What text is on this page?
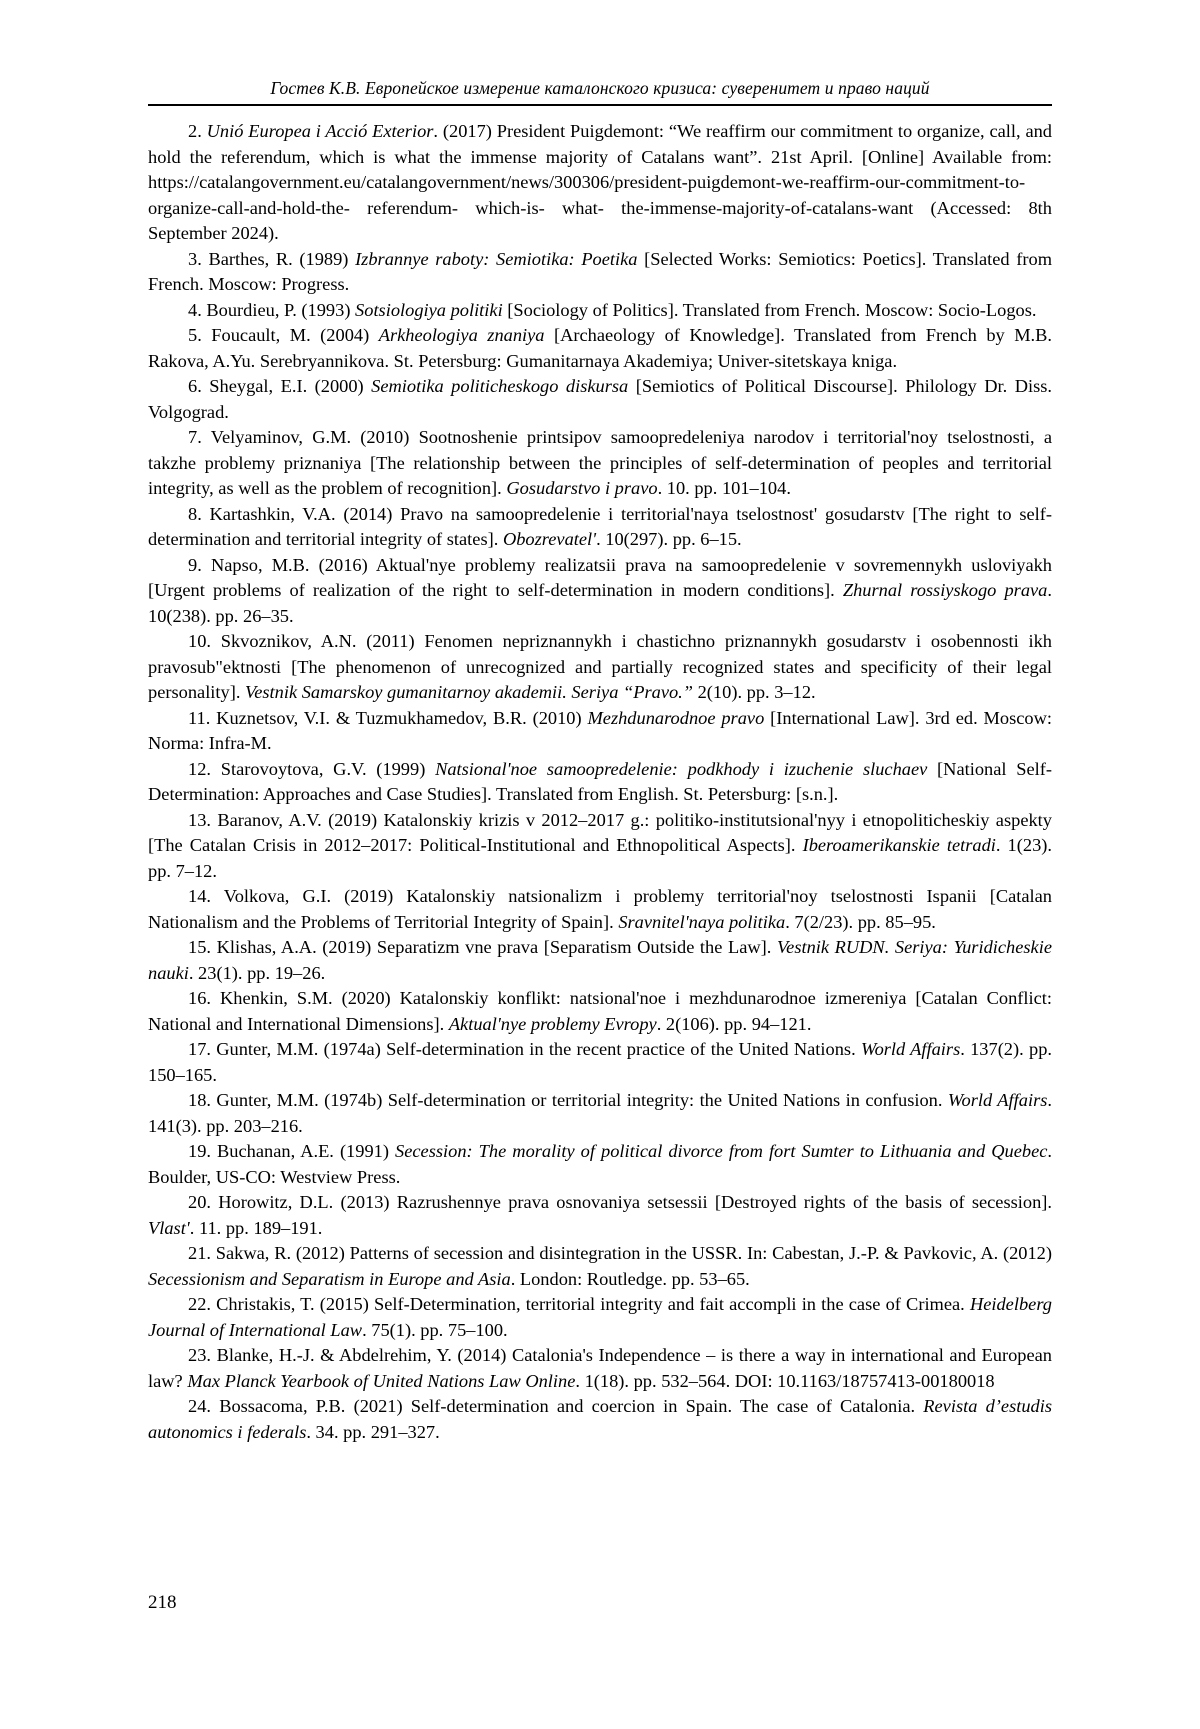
Гостев К.В. Европейское измерение каталонского кризиса: суверенитет и право наций

2. Unió Europea i Acció Exterior. (2017) President Puigdemont: “We reaffirm our commitment to organize, call, and hold the referendum, which is what the immense majority of Catalans want”. 21st April. [Online] Available from: https://catalangovernment.eu/catalangovernment/news/300306/president-puigdemont-we-reaffirm-our-commitment-to-organize-call-and-hold-the- referendum- which-is- what- the-immense-majority-of-catalans-want (Accessed: 8th September 2024).

3. Barthes, R. (1989) Izbrannye raboty: Semiotika: Poetika [Selected Works: Semiotics: Poetics]. Translated from French. Moscow: Progress.

4. Bourdieu, P. (1993) Sotsiologiya politiki [Sociology of Politics]. Translated from French. Moscow: Socio-Logos.

5. Foucault, M. (2004) Arkheologiya znaniya [Archaeology of Knowledge]. Translated from French by M.B. Rakova, A.Yu. Serebryannikova. St. Petersburg: Gumanitarnaya Akademiya; Univer-sitetskaya kniga.

6. Sheygal, E.I. (2000) Semiotika politicheskogo diskursa [Semiotics of Political Discourse]. Philology Dr. Diss. Volgograd.

7. Velyaminov, G.M. (2010) Sootnoshenie printsipov samoopredeleniya narodov i territorial'noy tselostnosti, a takzhe problemy priznaniya [The relationship between the principles of self-determination of peoples and territorial integrity, as well as the problem of recognition]. Gosudarstvo i pravo. 10. pp. 101–104.

8. Kartashkin, V.A. (2014) Pravo na samoopredelenie i territorial'naya tselostnost' gosudarstv [The right to self-determination and territorial integrity of states]. Obozrevatel'. 10(297). pp. 6–15.

9. Napso, M.B. (2016) Aktual'nye problemy realizatsii prava na samoopredelenie v sovremennykh usloviyakh [Urgent problems of realization of the right to self-determination in modern conditions]. Zhurnal rossiyskogo prava. 10(238). pp. 26–35.

10. Skvoznikov, A.N. (2011) Fenomen nepriznannykh i chastichno priznannykh gosudarstv i osobennosti ikh pravosub"ektnosti [The phenomenon of unrecognized and partially recognized states and specificity of their legal personality]. Vestnik Samarskoy gumanitarnoy akademii. Seriya “Pravo.” 2(10). pp. 3–12.

11. Kuznetsov, V.I. & Tuzmukhamedov, B.R. (2010) Mezhdunarodnoe pravo [International Law]. 3rd ed. Moscow: Norma: Infra-M.

12. Starovoytova, G.V. (1999) Natsional'noe samoopredelenie: podkhody i izuchenie sluchaev [National Self-Determination: Approaches and Case Studies]. Translated from English. St. Petersburg: [s.n.].

13. Baranov, A.V. (2019) Katalonskiy krizis v 2012–2017 g.: politiko-institutsional'nyy i etnopoliticheskiy aspekty [The Catalan Crisis in 2012–2017: Political-Institutional and Ethnopolitical Aspects]. Iberoamerikanskie tetradi. 1(23). pp. 7–12.

14. Volkova, G.I. (2019) Katalonskiy natsionalizm i problemy territorial'noy tselostnosti Ispanii [Catalan Nationalism and the Problems of Territorial Integrity of Spain]. Sravnitel'naya politika. 7(2/23). pp. 85–95.

15. Klishas, A.A. (2019) Separatizm vne prava [Separatism Outside the Law]. Vestnik RUDN. Seriya: Yuridicheskie nauki. 23(1). pp. 19–26.

16. Khenkin, S.M. (2020) Katalonskiy konflikt: natsional'noe i mezhdunarodnoe izmereniya [Catalan Conflict: National and International Dimensions]. Aktual'nye problemy Evropy. 2(106). pp. 94–121.

17. Gunter, M.M. (1974a) Self-determination in the recent practice of the United Nations. World Affairs. 137(2). pp. 150–165.

18. Gunter, M.M. (1974b) Self-determination or territorial integrity: the United Nations in confusion. World Affairs. 141(3). pp. 203–216.

19. Buchanan, A.E. (1991) Secession: The morality of political divorce from fort Sumter to Lithuania and Quebec. Boulder, US-CO: Westview Press.

20. Horowitz, D.L. (2013) Razrushennye prava osnovaniya setsessii [Destroyed rights of the basis of secession]. Vlast'. 11. pp. 189–191.

21. Sakwa, R. (2012) Patterns of secession and disintegration in the USSR. In: Cabestan, J.-P. & Pavkovic, A. (2012) Secessionism and Separatism in Europe and Asia. London: Routledge. pp. 53–65.

22. Christakis, T. (2015) Self-Determination, territorial integrity and fait accompli in the case of Crimea. Heidelberg Journal of International Law. 75(1). pp. 75–100.

23. Blanke, H.-J. & Abdelrehim, Y. (2014) Catalonia's Independence – is there a way in international and European law? Max Planck Yearbook of United Nations Law Online. 1(18). pp. 532–564. DOI: 10.1163/18757413-00180018

24. Bossacoma, P.B. (2021) Self-determination and coercion in Spain. The case of Catalonia. Revista d’estudis autonomics i federals. 34. pp. 291–327.

218
